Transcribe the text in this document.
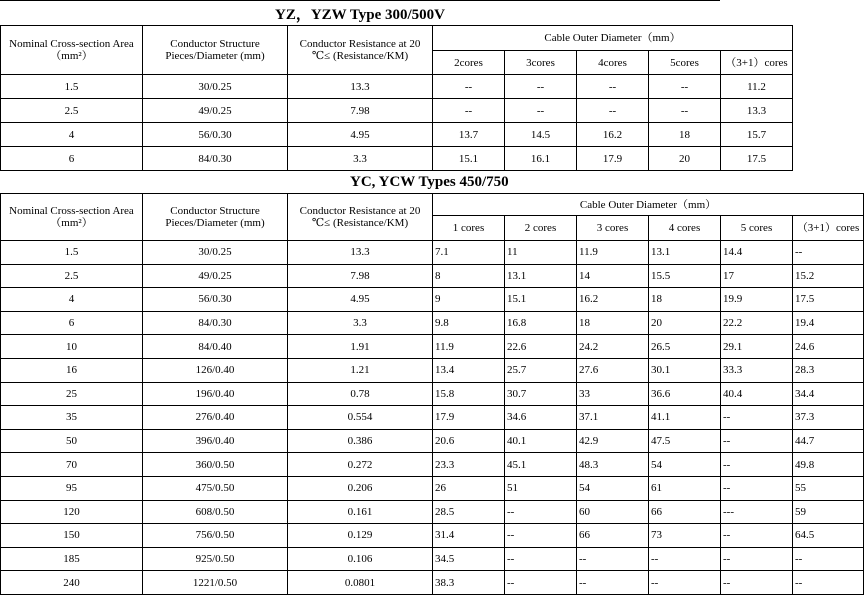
YZ，YZW Type 300/500V
Nominal Cross-section Area（mm²）	Conductor Structure Pieces/Diameter (mm)	Conductor Resistance at 20 ℃≤ (Resistance/KM)	Cable Outer Diameter（mm）				
			2cores	3cores	4cores	5cores	（3+1）cores
1.5	30/0.25	13.3	--	--	--	--	11.2
2.5	49/0.25	7.98	--	--	--	--	13.3
4	56/0.30	4.95	13.7	14.5	16.2	18	15.7
6	84/0.30	3.3	15.1	16.1	17.9	20	17.5
YC, YCW Types 450/750
Nominal Cross-section Area（mm²）	Conductor Structure Pieces/Diameter (mm)	Conductor Resistance at 20 ℃≤ (Resistance/KM)	Cable Outer Diameter（mm）					
			1 cores	2 cores	3 cores	4 cores	5 cores	（3+1）cores
1.5	30/0.25	13.3	7.1	11	11.9	13.1	14.4	--
2.5	49/0.25	7.98	8	13.1	14	15.5	17	15.2
4	56/0.30	4.95	9	15.1	16.2	18	19.9	17.5
6	84/0.30	3.3	9.8	16.8	18	20	22.2	19.4
10	84/0.40	1.91	11.9	22.6	24.2	26.5	29.1	24.6
16	126/0.40	1.21	13.4	25.7	27.6	30.1	33.3	28.3
25	196/0.40	0.78	15.8	30.7	33	36.6	40.4	34.4
35	276/0.40	0.554	17.9	34.6	37.1	41.1	--	37.3
50	396/0.40	0.386	20.6	40.1	42.9	47.5	--	44.7
70	360/0.50	0.272	23.3	45.1	48.3	54	--	49.8
95	475/0.50	0.206	26	51	54	61	--	55
120	608/0.50	0.161	28.5	--	60	66	---	59
150	756/0.50	0.129	31.4	--	66	73	--	64.5
185	925/0.50	0.106	34.5	--	--	--	--	--
240	1221/0.50	0.0801	38.3	--	--	--	--	--
